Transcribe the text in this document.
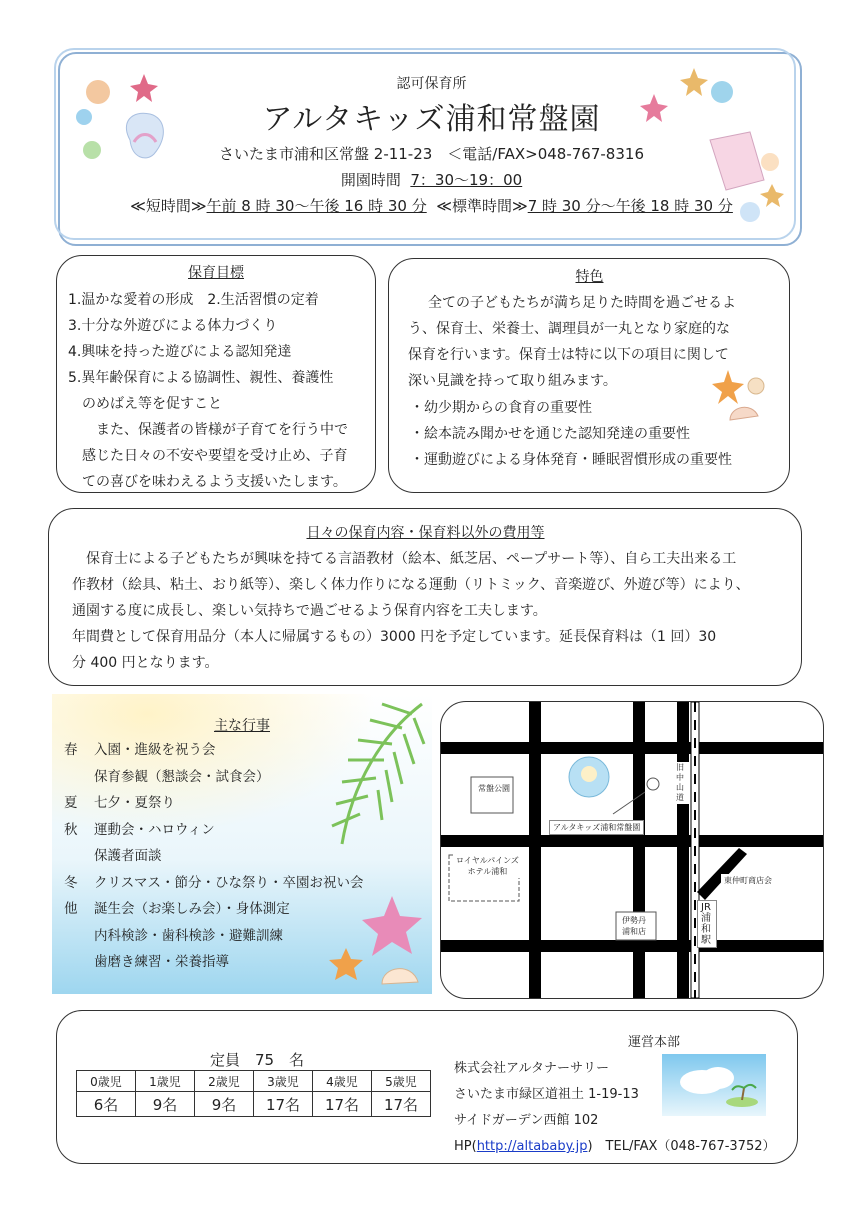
認可保育所
アルタキッズ浦和常盤園
さいたま市浦和区常盤 2-11-23　＜電話/FAX>048-767-8316
開園時間 7：30～19：00
≪短時間≫午前 8 時 30～午後 16 時 30 分 ≪標準時間≫7 時 30 分～午後 18 時 30 分
保育目標
1.温かな愛着の形成　2.生活習慣の定着
3.十分な外遊びによる体力づくり
4.興味を持った遊びによる認知発達
5.異年齢保育による協調性、親性、養護性
のめばえ等を促すこと
また、保護者の皆様が子育てを行う中で
感じた日々の不安や要望を受け止め、子育
ての喜びを味わえるよう支援いたします。
特色
全ての子どもたちが満ち足りた時間を過ごせるよ
う、保育士、栄養士、調理員が一丸となり家庭的な
保育を行います。保育士は特に以下の項目に関して
深い見識を持って取り組みます。
・幼少期からの食育の重要性
・絵本読み聞かせを通じた認知発達の重要性
・運動遊びによる身体発育・睡眠習慣形成の重要性
日々の保育内容・保育料以外の費用等
保育士による子どもたちが興味を持てる言語教材（絵本、紙芝居、ペープサート等）、自ら工夫出来る工
作教材（絵具、粘土、おり紙等）、楽しく体力作りになる運動（リトミック、音楽遊び、外遊び等）により、
通園する度に成長し、楽しい気持ちで過ごせるよう保育内容を工夫します。
年間費として保育用品分（本人に帰属するもの）3000 円を予定しています。延長保育料は（1 回）30
分 400 円となります。
主な行事
春 入園・進級を祝う会
保育参観（懇談会・試食会）
夏 七夕・夏祭り
秋 運動会・ハロウィン
保護者面談
冬 クリスマス・節分・ひな祭り・卒園お祝い会
他 誕生会（お楽しみ会）・身体測定
内科検診・歯科検診・避難訓練
歯磨き練習・栄養指導
常盤公園
アルタキッズ浦和常盤園
旧中山道
ロイヤルパインズ
ホテル浦和
東仲町商店会
伊勢丹
浦和店
JR浦和駅
定員　75　名
0歳児	1歳児	2歳児	3歳児	4歳児	5歳児
6名	9名	9名	17名	17名	17名
運営本部
株式会社アルタナーサリー
さいたま市緑区道祖土 1-19-13
サイドガーデン西館 102
HP(http://altababy.jp)　TEL/FAX（048-767-3752）
